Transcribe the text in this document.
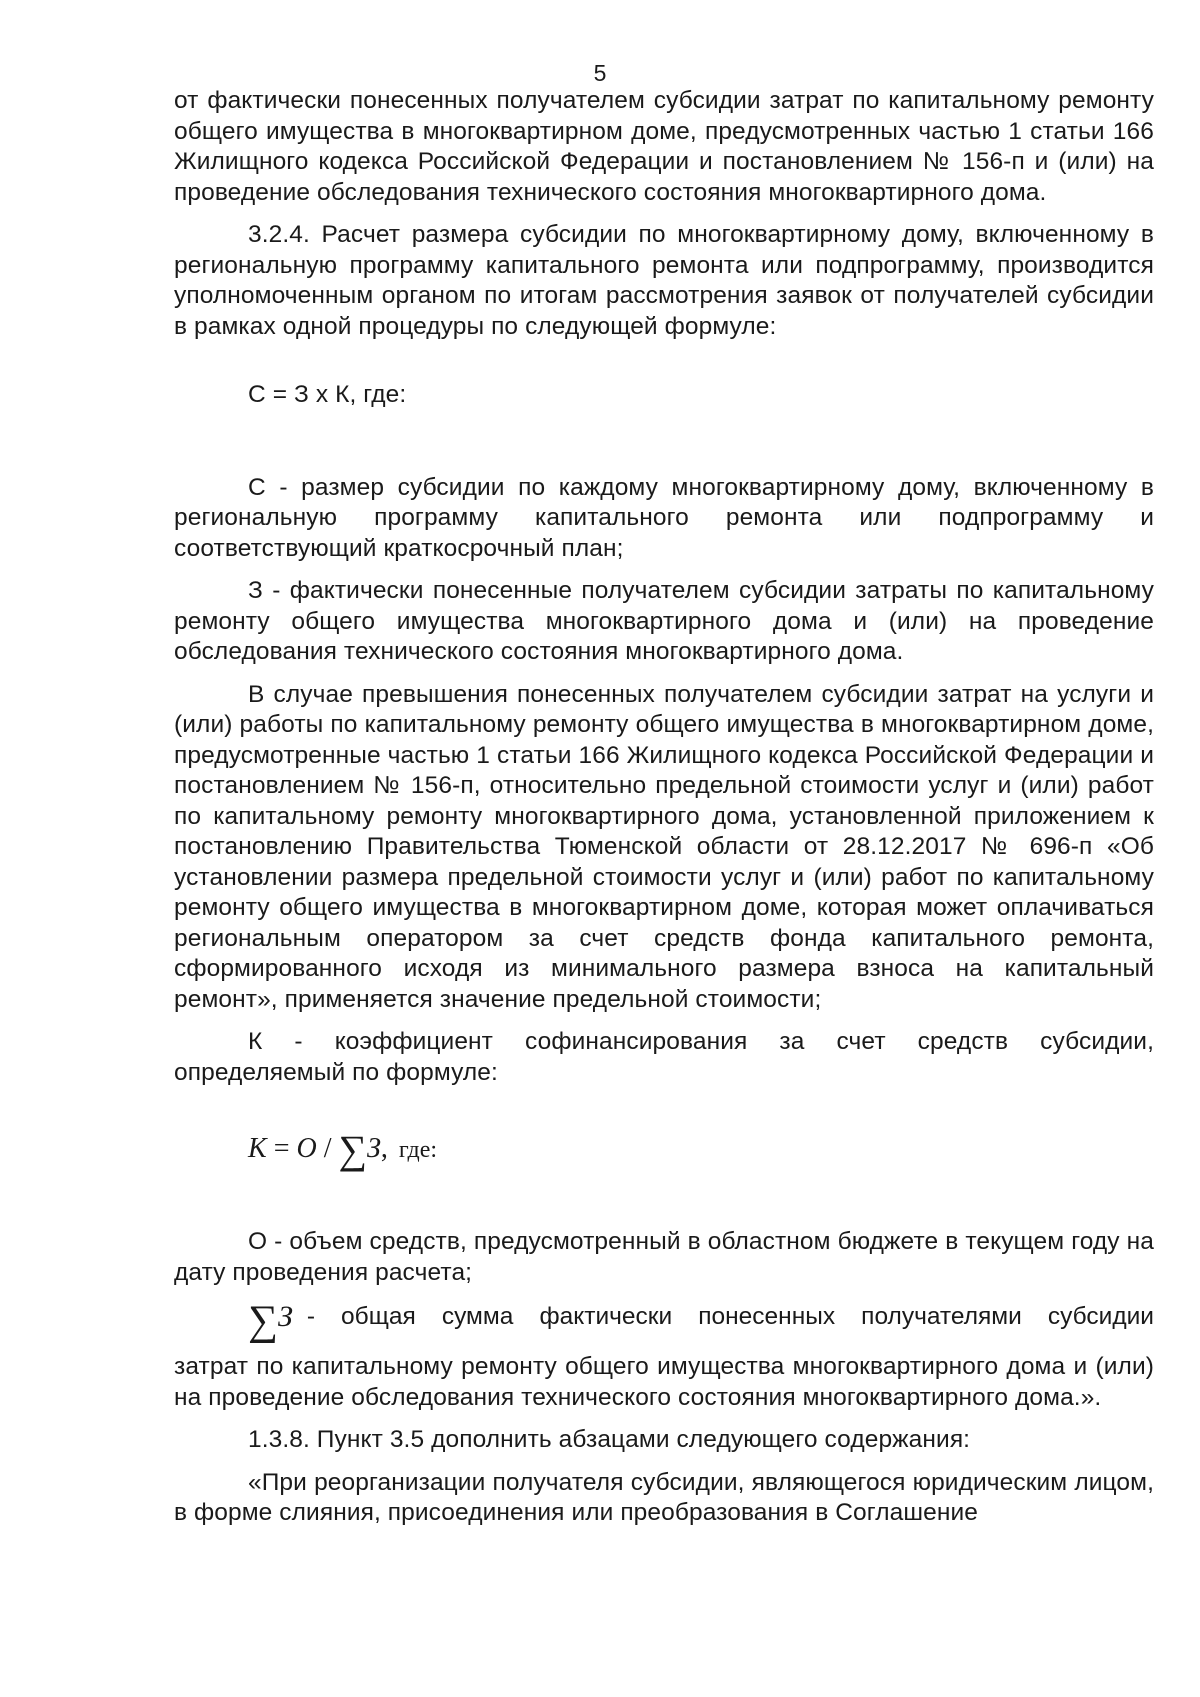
5

от фактически понесенных получателем субсидии затрат по капитальному ремонту общего имущества в многоквартирном доме, предусмотренных частью 1 статьи 166 Жилищного кодекса Российской Федерации и постановлением № 156-п и (или) на проведение обследования технического состояния многоквартирного дома.

3.2.4. Расчет размера субсидии по многоквартирному дому, включенному в региональную программу капитального ремонта или подпрограмму, производится уполномоченным органом по итогам рассмотрения заявок от получателей субсидии в рамках одной процедуры по следующей формуле:

С = З х К, где:

С - размер субсидии по каждому многоквартирному дому, включенному в региональную программу капитального ремонта или подпрограмму и соответствующий краткосрочный план;

З - фактически понесенные получателем субсидии затраты по капитальному ремонту общего имущества многоквартирного дома и (или) на проведение обследования технического состояния многоквартирного дома.

В случае превышения понесенных получателем субсидии затрат на услуги и (или) работы по капитальному ремонту общего имущества в многоквартирном доме, предусмотренные частью 1 статьи 166 Жилищного кодекса Российской Федерации и постановлением № 156-п, относительно предельной стоимости услуг и (или) работ по капитальному ремонту многоквартирного дома, установленной приложением к постановлению Правительства Тюменской области от 28.12.2017 № 696-п «Об установлении размера предельной стоимости услуг и (или) работ по капитальному ремонту общего имущества в многоквартирном доме, которая может оплачиваться региональным оператором за счет средств фонда капитального ремонта, сформированного исходя из минимального размера взноса на капитальный ремонт», применяется значение предельной стоимости;

К - коэффициент софинансирования за счет средств субсидии, определяемый по формуле:

K = O / ∑З, где:

О - объем средств, предусмотренный в областном бюджете в текущем году на дату проведения расчета;

∑З - общая сумма фактически понесенных получателями субсидии

затрат по капитальному ремонту общего имущества многоквартирного дома и (или) на проведение обследования технического состояния многоквартирного дома.».

1.3.8. Пункт 3.5 дополнить абзацами следующего содержания:

«При реорганизации получателя субсидии, являющегося юридическим лицом, в форме слияния, присоединения или преобразования в Соглашение
